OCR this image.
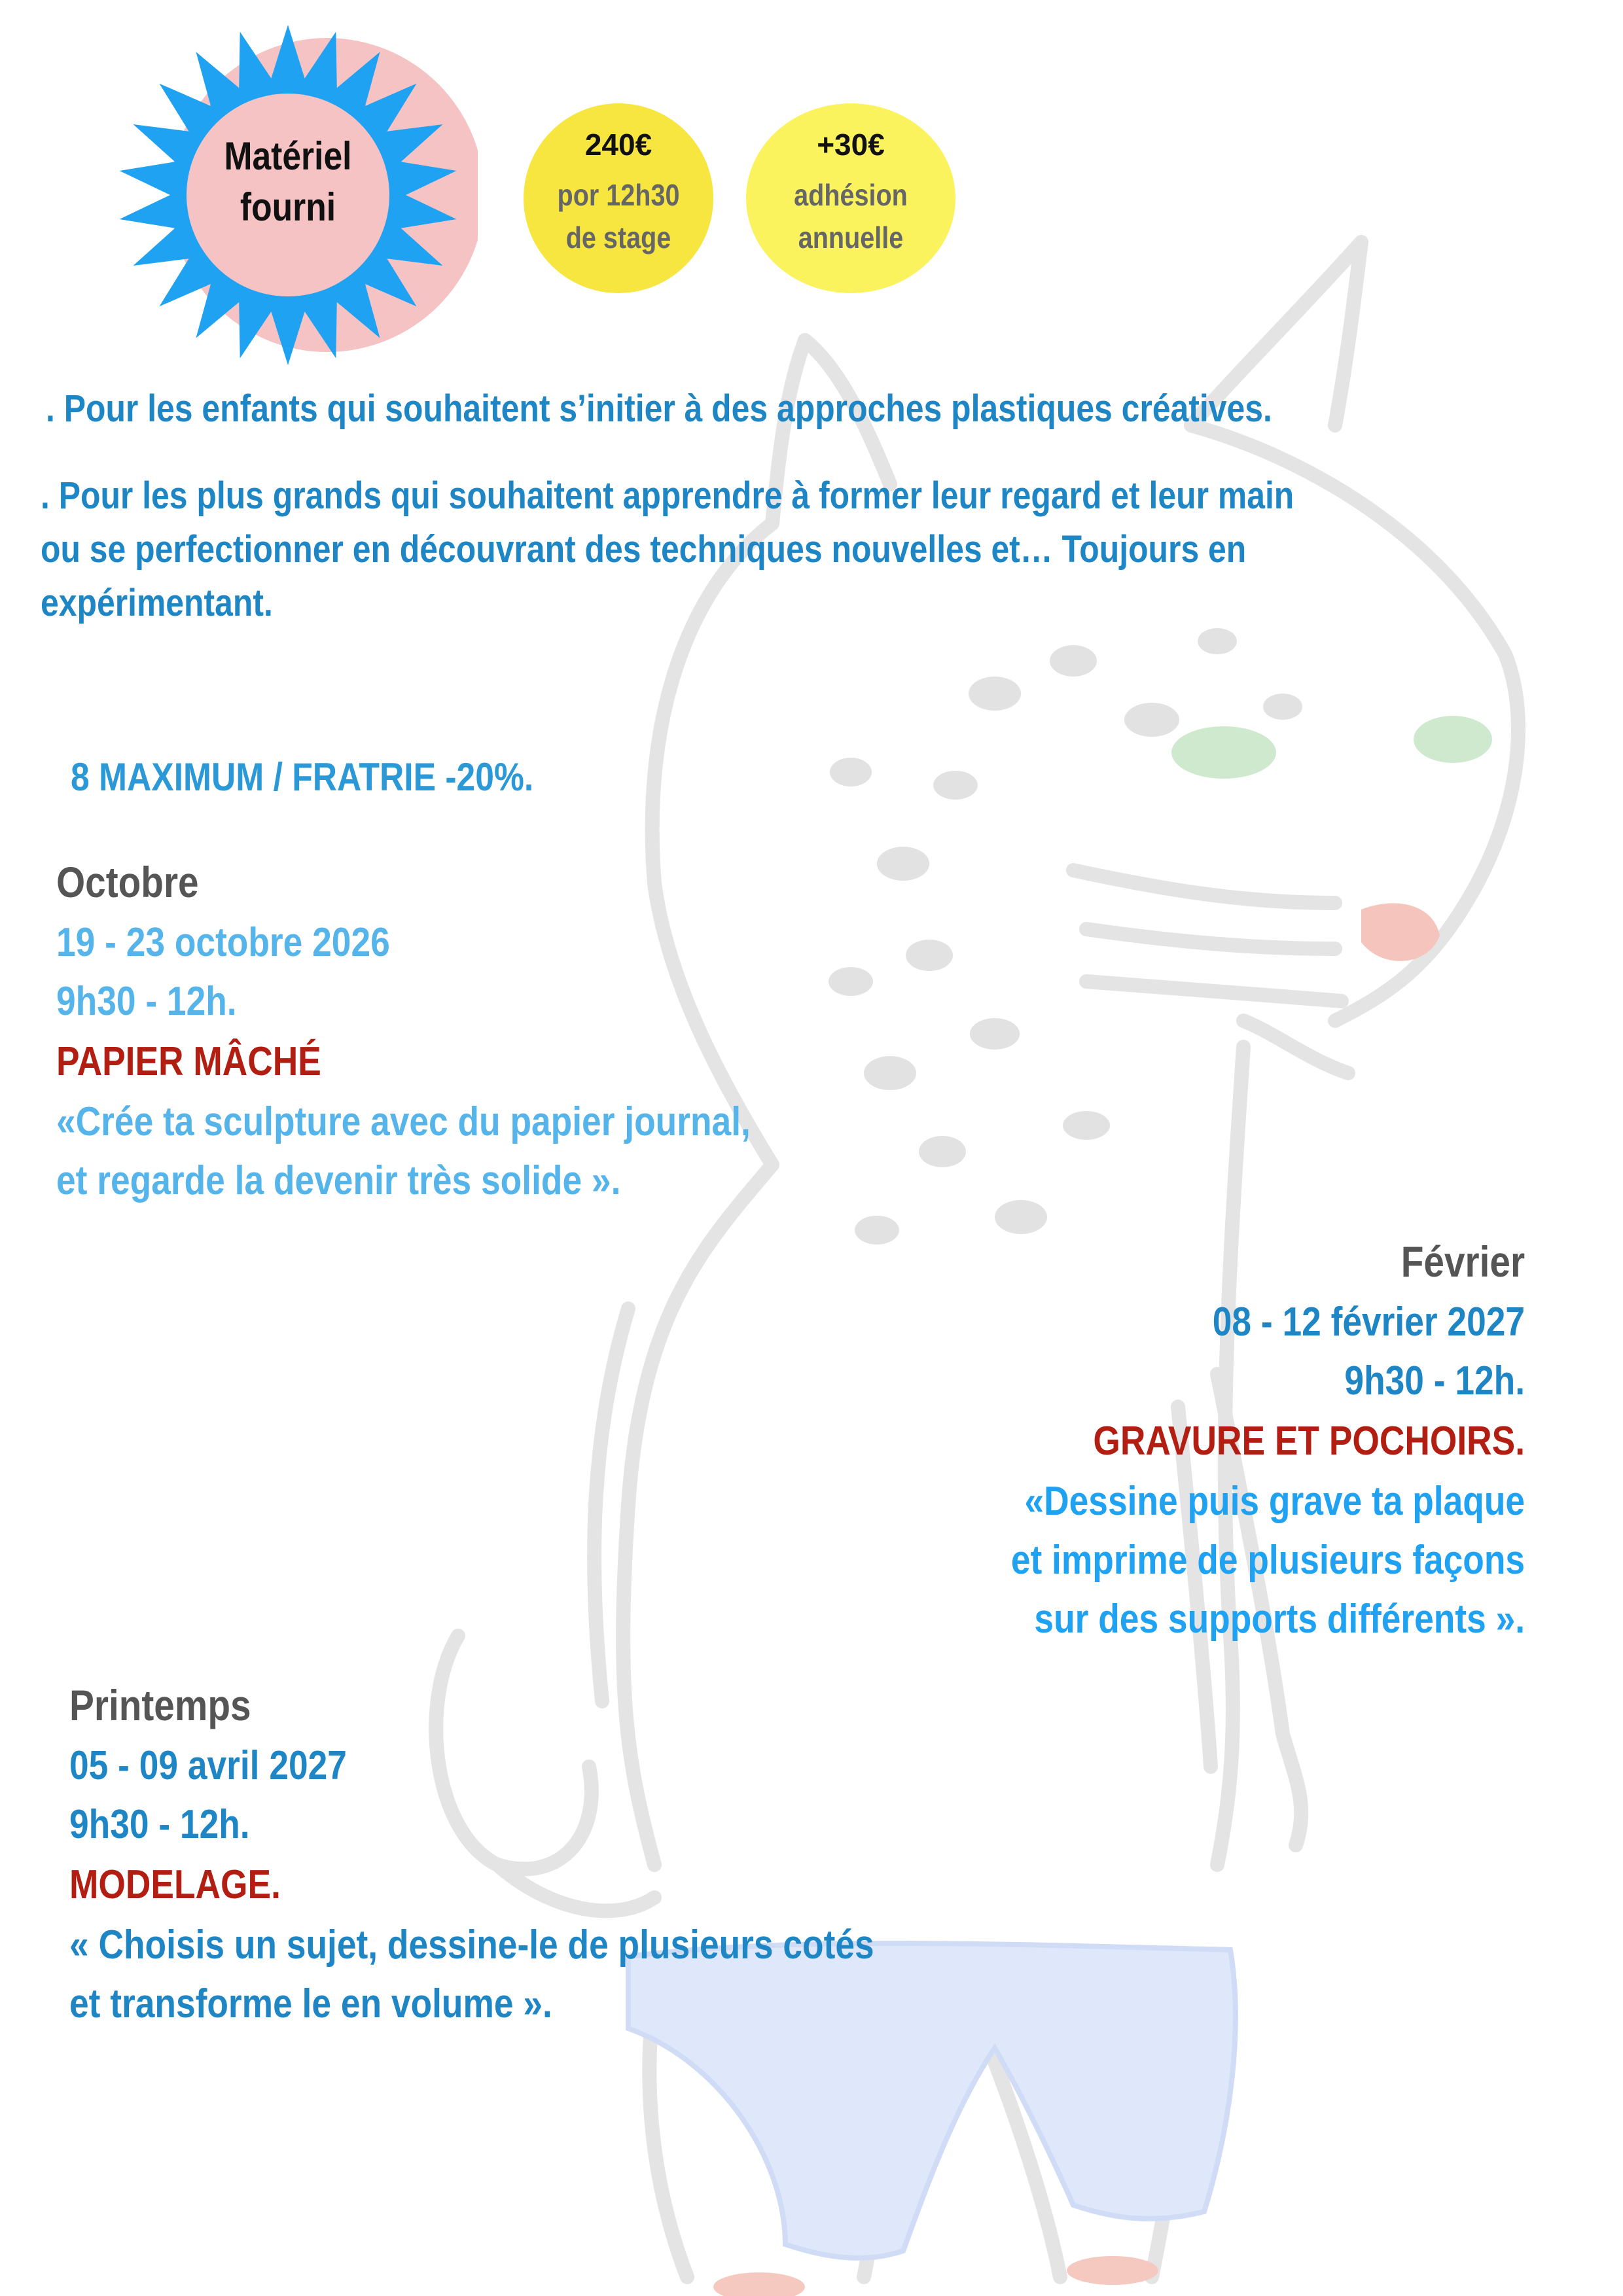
Matériel
fourni
240€
por 12h30
de stage
+30€
adhésion
annuelle
. Pour les enfants qui souhaitent s’initier à des approches plastiques créatives.
. Pour les plus grands qui souhaitent apprendre à former leur regard et leur main
ou se perfectionner en découvrant des techniques nouvelles et… Toujours en
expérimentant.
8 MAXIMUM / FRATRIE -20%.
Octobre
19 - 23 octobre 2026
9h30 - 12h.
PAPIER MÂCHÉ
«Crée ta sculpture avec du papier journal,
et regarde la devenir très solide ».
Février
08 - 12 février 2027
9h30 - 12h.
GRAVURE ET POCHOIRS.
«Dessine puis grave ta plaque
et imprime de plusieurs façons
sur des supports différents ».
Printemps
05 - 09 avril 2027
9h30 - 12h.
MODELAGE.
« Choisis un sujet, dessine-le de plusieurs cotés
et transforme le en volume ».
